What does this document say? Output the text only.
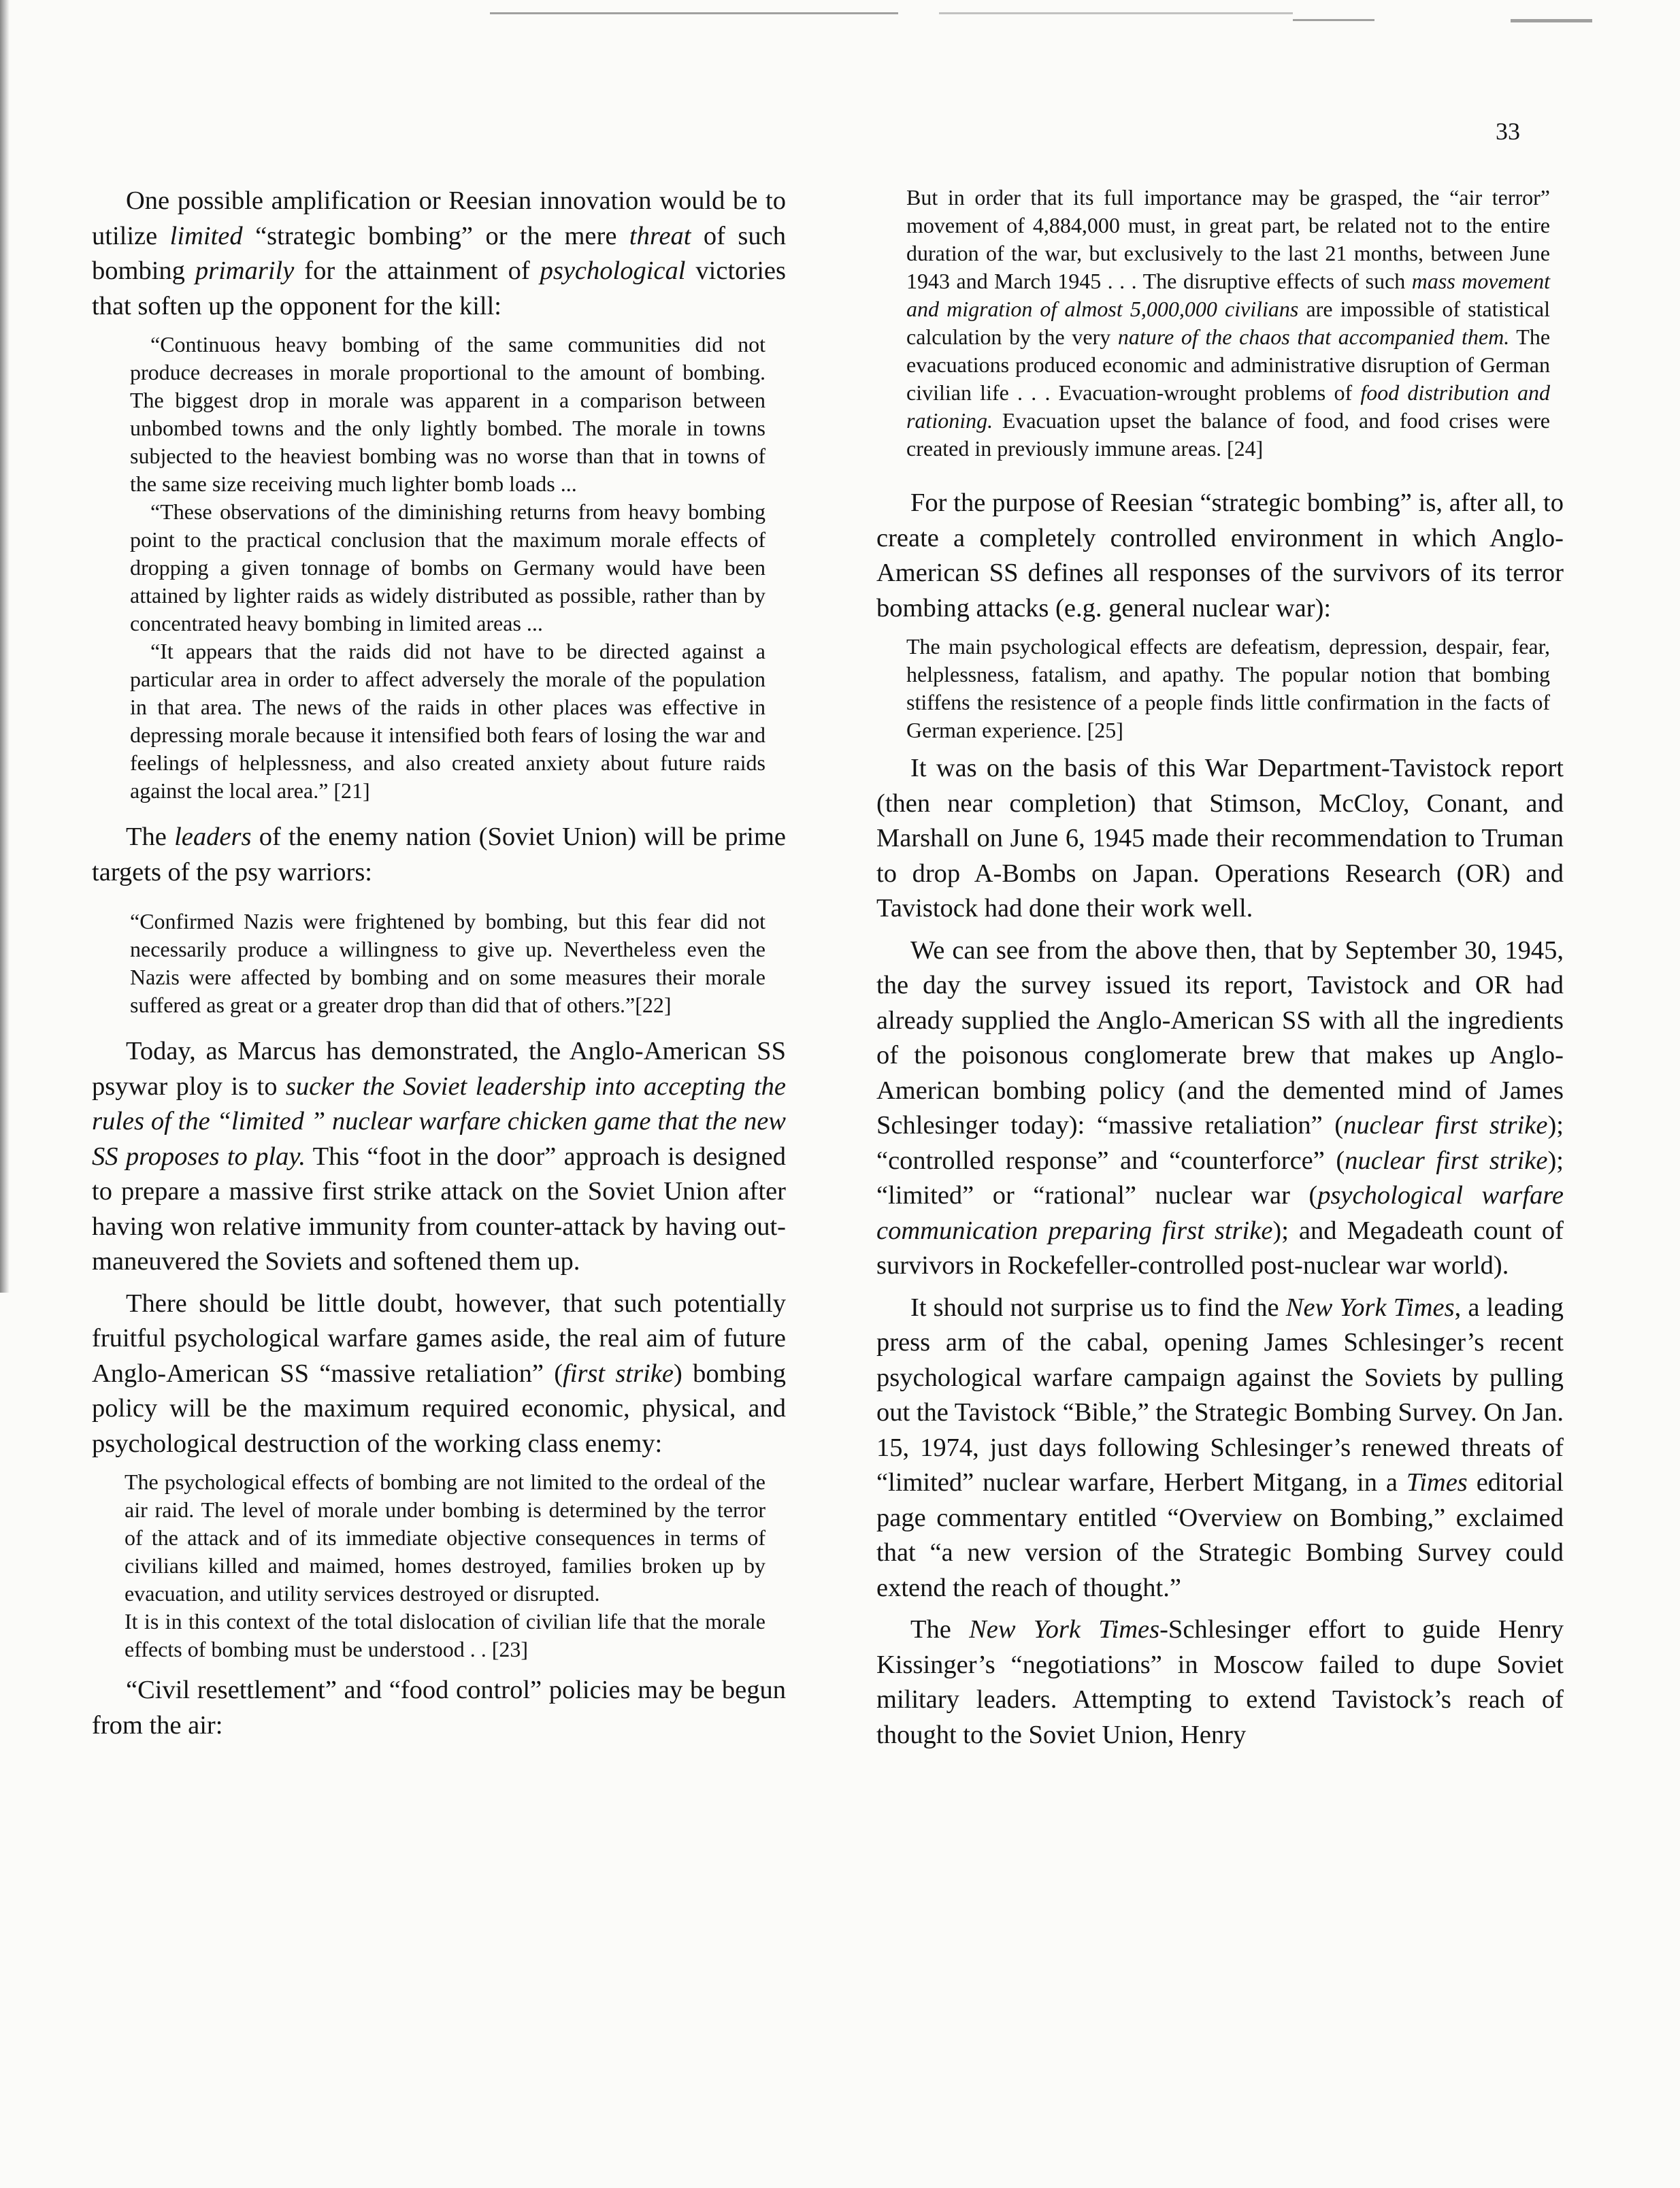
33

One possible amplification or Reesian innovation would be to utilize limited “strategic bombing” or the mere threat of such bombing primarily for the attainment of psychological victories that soften up the opponent for the kill:

“Continuous heavy bombing of the same communities did not produce decreases in morale proportional to the amount of bombing. The biggest drop in morale was apparent in a comparison between unbombed towns and the only lightly bombed. The morale in towns subjected to the heaviest bombing was no worse than that in towns of the same size receiving much lighter bomb loads ...

“These observations of the diminishing returns from heavy bombing point to the practical conclusion that the maximum morale effects of dropping a given tonnage of bombs on Germany would have been attained by lighter raids as widely distributed as possible, rather than by concentrated heavy bombing in limited areas ...

“It appears that the raids did not have to be directed against a particular area in order to affect adversely the morale of the population in that area. The news of the raids in other places was effective in depressing morale because it intensified both fears of losing the war and feelings of helplessness, and also created anxiety about future raids against the local area.” [21]

The leaders of the enemy nation (Soviet Union) will be prime targets of the psy warriors:

“Confirmed Nazis were frightened by bombing, but this fear did not necessarily produce a willingness to give up. Nevertheless even the Nazis were affected by bombing and on some measures their morale suffered as great or a greater drop than did that of others.”[22]

Today, as Marcus has demonstrated, the Anglo-American SS psywar ploy is to sucker the Soviet leadership into accepting the rules of the “limited ” nuclear warfare chicken game that the new SS proposes to play. This “foot in the door” approach is designed to prepare a massive first strike attack on the Soviet Union after having won relative immunity from counter-attack by having out-maneuvered the Soviets and softened them up.

There should be little doubt, however, that such potentially fruitful psychological warfare games aside, the real aim of future Anglo-American SS “massive retaliation” (first strike) bombing policy will be the maximum required economic, physical, and psychological destruction of the working class enemy:

The psychological effects of bombing are not limited to the ordeal of the air raid. The level of morale under bombing is determined by the terror of the attack and of its immediate objective consequences in terms of civilians killed and maimed, homes destroyed, families broken up by evacuation, and utility services destroyed or disrupted.

It is in this context of the total dislocation of civilian life that the morale effects of bombing must be understood . . [23]

“Civil resettlement” and “food control” policies may be begun from the air:

But in order that its full importance may be grasped, the “air terror” movement of 4,884,000 must, in great part, be related not to the entire duration of the war, but exclusively to the last 21 months, between June 1943 and March 1945 . . . The disruptive effects of such mass movement and migration of almost 5,000,000 civilians are impossible of statistical calculation by the very nature of the chaos that accompanied them. The evacuations produced economic and administrative disruption of German civilian life . . . Evacuation-wrought problems of food distribution and rationing. Evacuation upset the balance of food, and food crises were created in previously immune areas. [24]

For the purpose of Reesian “strategic bombing” is, after all, to create a completely controlled environment in which Anglo-American SS defines all responses of the survivors of its terror bombing attacks (e.g. general nuclear war):

The main psychological effects are defeatism, depression, despair, fear, helplessness, fatalism, and apathy. The popular notion that bombing stiffens the resistence of a people finds little confirmation in the facts of German experience. [25]

It was on the basis of this War Department-Tavistock report (then near completion) that Stimson, McCloy, Conant, and Marshall on June 6, 1945 made their recommendation to Truman to drop A-Bombs on Japan. Operations Research (OR) and Tavistock had done their work well.

We can see from the above then, that by September 30, 1945, the day the survey issued its report, Tavistock and OR had already supplied the Anglo-American SS with all the ingredients of the poisonous conglomerate brew that makes up Anglo-American bombing policy (and the demented mind of James Schlesinger today): “massive retaliation” (nuclear first strike); “controlled response” and “counterforce” (nuclear first strike); “limited” or “rational” nuclear war (psychological warfare communication preparing first strike); and Megadeath count of survivors in Rockefeller-controlled post-nuclear war world).

It should not surprise us to find the New York Times, a leading press arm of the cabal, opening James Schlesinger’s recent psychological warfare campaign against the Soviets by pulling out the Tavistock “Bible,” the Strategic Bombing Survey. On Jan. 15, 1974, just days following Schlesinger’s renewed threats of “limited” nuclear warfare, Herbert Mitgang, in a Times editorial page commentary entitled “Overview on Bombing,” exclaimed that “a new version of the Strategic Bombing Survey could extend the reach of thought.”

The New York Times-Schlesinger effort to guide Henry Kissinger’s “negotiations” in Moscow failed to dupe Soviet military leaders. Attempting to extend Tavistock’s reach of thought to the Soviet Union, Henry
